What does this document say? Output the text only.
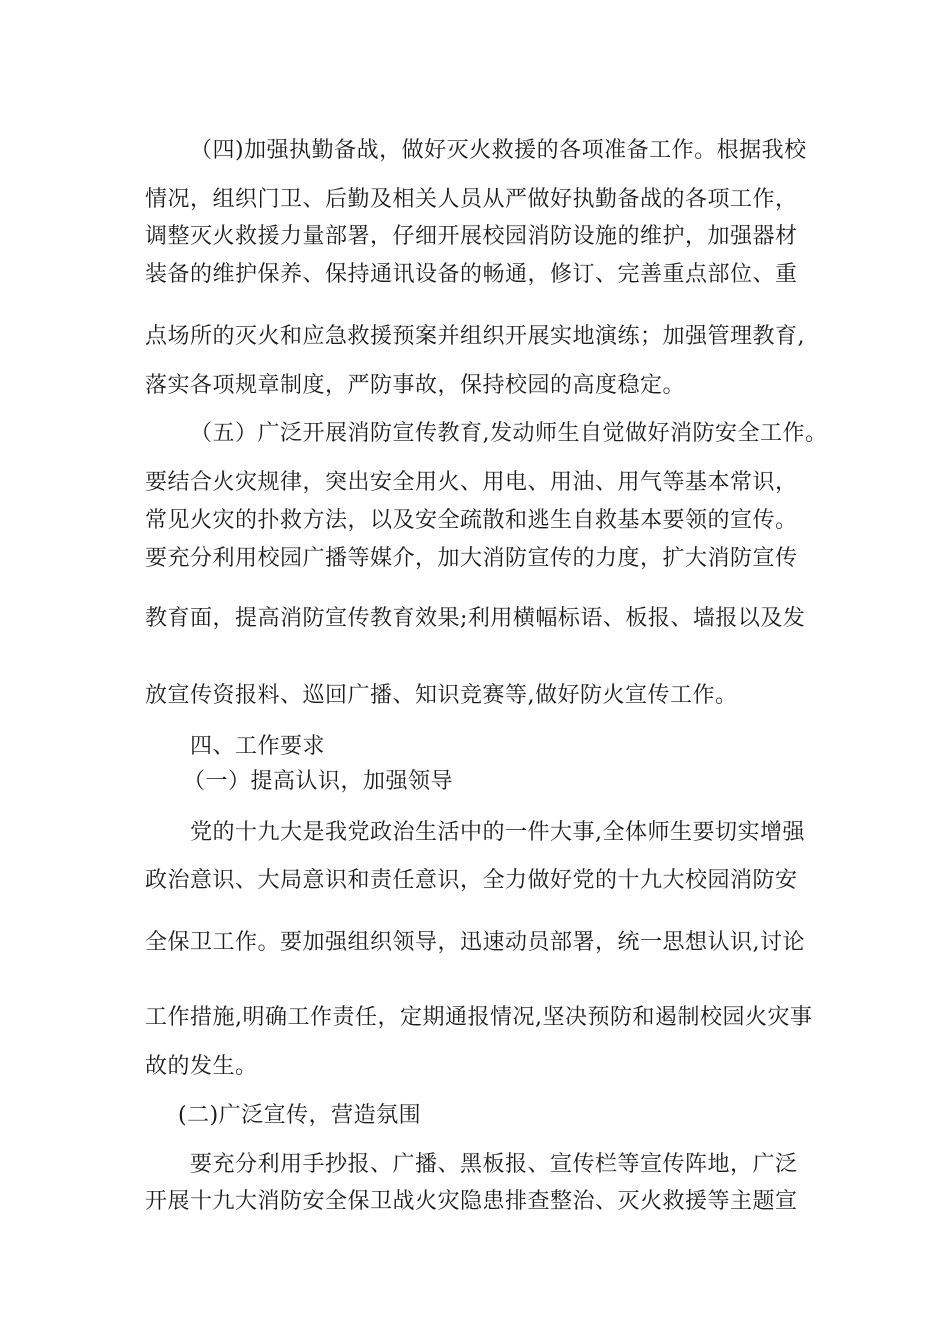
（四)加强执勤备战，做好灭火救援的各项准备工作。根据我校
情况，组织门卫、后勤及相关人员从严做好执勤备战的各项工作，
调整灭火救援力量部署，仔细开展校园消防设施的维护，加强器材
装备的维护保养、保持通讯设备的畅通，修订、完善重点部位、重
点场所的灭火和应急救援预案并组织开展实地演练；加强管理教育,
落实各项规章制度，严防事故，保持校园的高度稳定。
（五）广泛开展消防宣传教育,发动师生自觉做好消防安全工作。
要结合火灾规律，突出安全用火、用电、用油、用气等基本常识，
常见火灾的扑救方法，以及安全疏散和逃生自救基本要领的宣传。
要充分利用校园广播等媒介，加大消防宣传的力度，扩大消防宣传
教育面，提高消防宣传教育效果;利用横幅标语、板报、墙报以及发
放宣传资报料、巡回广播、知识竞赛等,做好防火宣传工作。
四、工作要求
（一）提高认识，加强领导
党的十九大是我党政治生活中的一件大事,全体师生要切实增强
政治意识、大局意识和责任意识，全力做好党的十九大校园消防安
全保卫工作。要加强组织领导，迅速动员部署，统一思想认识,讨论
工作措施,明确工作责任，定期通报情况,坚决预防和遏制校园火灾事
故的发生。
(二)广泛宣传，营造氛围
要充分利用手抄报、广播、黑板报、宣传栏等宣传阵地，广泛
开展十九大消防安全保卫战火灾隐患排查整治、灭火救援等主题宣
